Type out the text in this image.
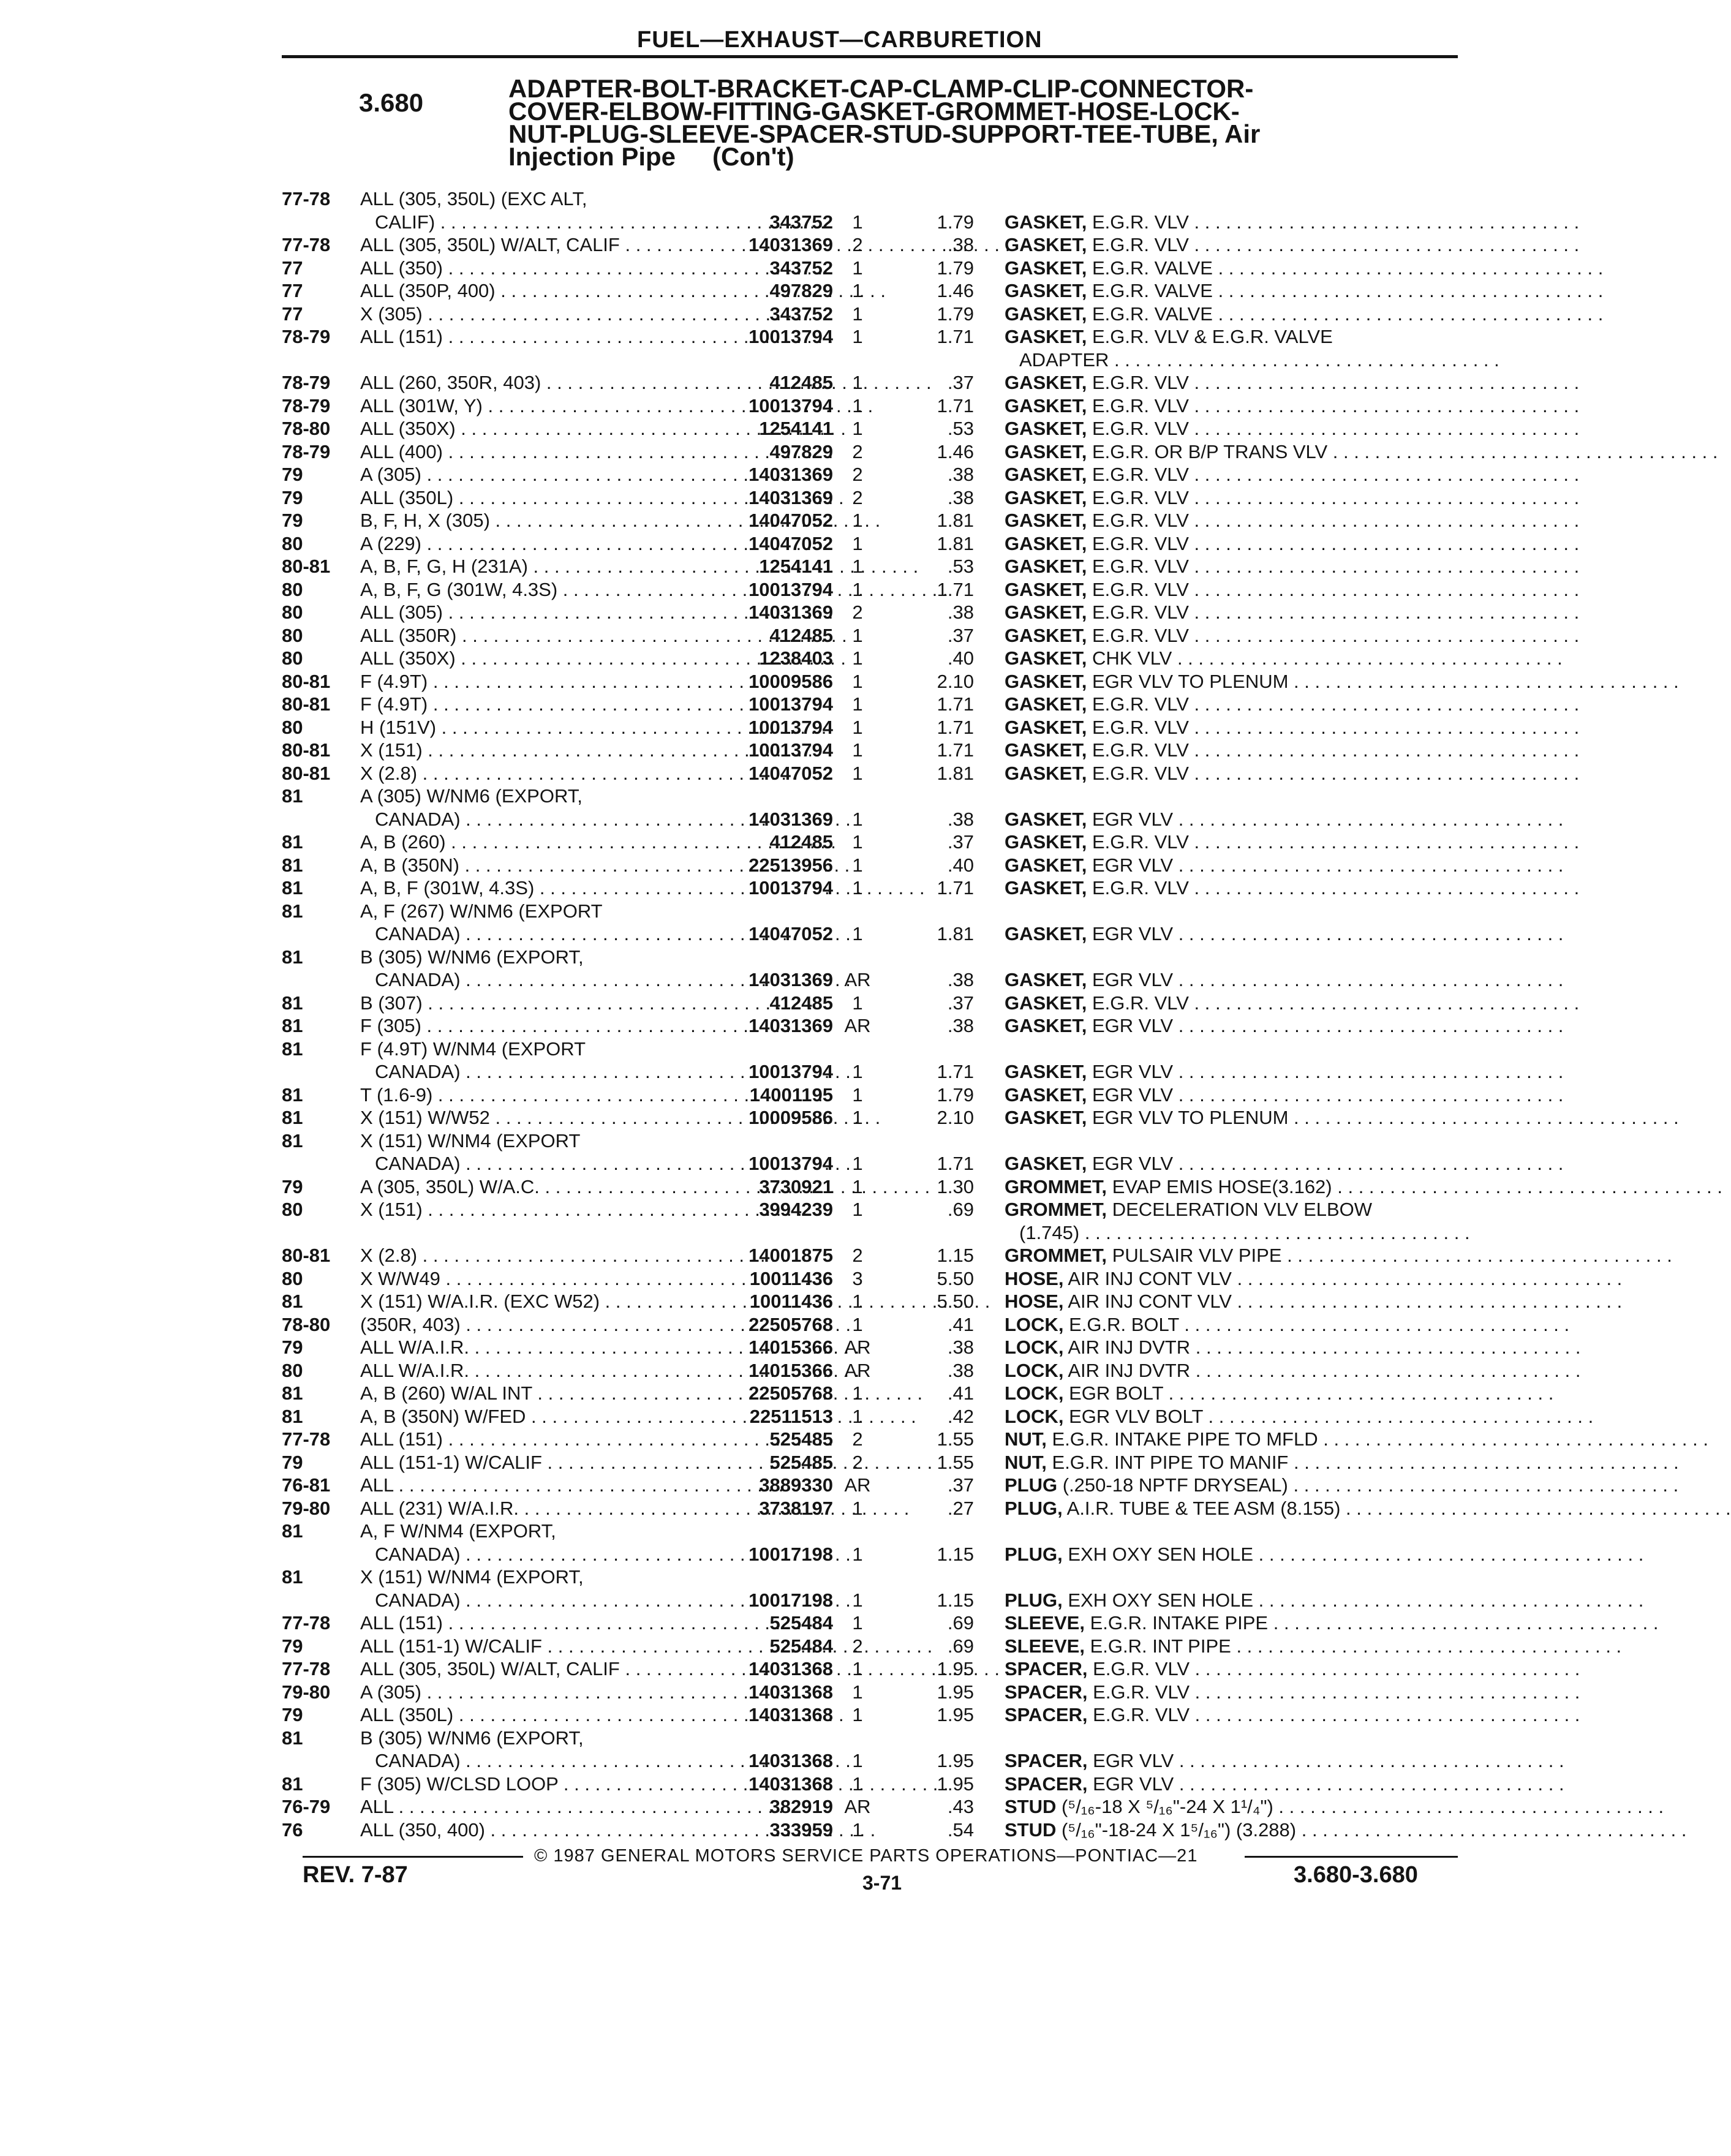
FUEL—EXHAUST—CARBURETION
3.680	ADAPTER-BOLT-BRACKET-CAP-CLAMP-CLIP-CONNECTOR-
COVER-ELBOW-FITTING-GASKET-GROMMET-HOSE-LOCK-
NUT-PLUG-SLEEVE-SPACER-STUD-SUPPORT-TEE-TUBE, Air
Injection Pipe (Con't)
77-78	ALL (305, 350L) (EXC ALT,
CALIF) . . .	343752	1	1.79 GASKET, E.G.R. VLV . . .
77-78	ALL (305, 350L) W/ALT, CALIF . . .	14031369	2	.38 GASKET, E.G.R. VLV . . .
77	ALL (350) . . .	343752	1	1.79 GASKET, E.G.R. VALVE . . .
77	ALL (350P, 400) . . .	497829	1	1.46 GASKET, E.G.R. VALVE . . .
77	X (305) . . .	343752	1	1.79 GASKET, E.G.R. VALVE . . .
78-79	ALL (151) . . .	10013794	1	1.71 GASKET, E.G.R. VLV & E.G.R. VALVE
ADAPTER . . .
78-79	ALL (260, 350R, 403) . . .	412485	1	.37 GASKET, E.G.R. VLV . . .
78-79	ALL (301W, Y) . . .	10013794	1	1.71 GASKET, E.G.R. VLV . . .
78-80	ALL (350X) . . .	1254141	1	.53 GASKET, E.G.R. VLV . . .
78-79	ALL (400) . . .	497829	2	1.46 GASKET, E.G.R. OR B/P TRANS VLV . . .
79	A (305) . . .	14031369	2	.38 GASKET, E.G.R. VLV . . .
79	ALL (350L) . . .	14031369	2	.38 GASKET, E.G.R. VLV . . .
79	B, F, H, X (305) . . .	14047052	1	1.81 GASKET, E.G.R. VLV . . .
80	A (229) . . .	14047052	1	1.81 GASKET, E.G.R. VLV . . .
80-81	A, B, F, G, H (231A) . . .	1254141	1	.53 GASKET, E.G.R. VLV . . .
80	A, B, F, G (301W, 4.3S) . . .	10013794	1	1.71 GASKET, E.G.R. VLV . . .
80	ALL (305) . . .	14031369	2	.38 GASKET, E.G.R. VLV . . .
80	ALL (350R) . . .	412485	1	.37 GASKET, E.G.R. VLV . . .
80	ALL (350X) . . .	1238403	1	.40 GASKET, CHK VLV . . .
80-81	F (4.9T) . . .	10009586	1	2.10 GASKET, EGR VLV TO PLENUM . . .
80-81	F (4.9T) . . .	10013794	1	1.71 GASKET, E.G.R. VLV . . .
80	H (151V) . . .	10013794	1	1.71 GASKET, E.G.R. VLV . . .
80-81	X (151) . . .	10013794	1	1.71 GASKET, E.G.R. VLV . . .
80-81	X (2.8) . . .	14047052	1	1.81 GASKET, E.G.R. VLV . . .
81	A (305) W/NM6 (EXPORT,
CANADA) . . .	14031369	1	.38 GASKET, EGR VLV . . .
81	A, B (260) . . .	412485	1	.37 GASKET, E.G.R. VLV . . .
81	A, B (350N) . . .	22513956	1	.40 GASKET, EGR VLV . . .
81	A, B, F (301W, 4.3S) . . .	10013794	1	1.71 GASKET, E.G.R. VLV . . .
81	A, F (267) W/NM6 (EXPORT
CANADA) . . .	14047052	1	1.81 GASKET, EGR VLV . . .
81	B (305) W/NM6 (EXPORT,
CANADA) . . .	14031369 AR	.38 GASKET, EGR VLV . . .
81	B (307) . . .	412485	1	.37 GASKET, E.G.R. VLV . . .
81	F (305) . . .	14031369 AR	.38 GASKET, EGR VLV . . .
81	F (4.9T) W/NM4 (EXPORT
CANADA) . . .	10013794	1	1.71 GASKET, EGR VLV . . .
81	T (1.6-9) . . .	14001195	1	1.79 GASKET, EGR VLV . . .
81	X (151) W/W52 . . .	10009586	1	2.10 GASKET, EGR VLV TO PLENUM . . .
81	X (151) W/NM4 (EXPORT
CANADA) . . .	10013794	1	1.71 GASKET, EGR VLV . . .
79	A (305, 350L) W/A.C. . . .	3730921	1	1.30 GROMMET, EVAP EMIS HOSE(3.162) . . .
80	X (151) . . .	3994239	1	.69 GROMMET, DECELERATION VLV ELBOW
(1.745) . . .
80-81	X (2.8) . . .	14001875	2	1.15 GROMMET, PULSAIR VLV PIPE . . .
80	X W/W49 . . .	10011436	3	5.50 HOSE, AIR INJ CONT VLV . . .
81	X (151) W/A.I.R. (EXC W52) . . .	10011436	1	5.50 HOSE, AIR INJ CONT VLV . . .
78-80	(350R, 403) . . .	22505768	1	.41 LOCK, E.G.R. BOLT . . .
79	ALL W/A.I.R. . . .	14015366 AR	.38 LOCK, AIR INJ DVTR . . .
80	ALL W/A.I.R. . . .	14015366 AR	.38 LOCK, AIR INJ DVTR . . .
81	A, B (260) W/AL INT . . .	22505768	1	.41 LOCK, EGR BOLT . . .
81	A, B (350N) W/FED . . .	22511513	1	.42 LOCK, EGR VLV BOLT . . .
77-78	ALL (151) . . .	525485	2	1.55 NUT, E.G.R. INTAKE PIPE TO MFLD . . .
79	ALL (151-1) W/CALIF . . .	525485	2	1.55 NUT, E.G.R. INT PIPE TO MANIF . . .
76-81	ALL . . .	3889330 AR	.37 PLUG (.250-18 NPTF DRYSEAL) . . .
79-80	ALL (231) W/A.I.R. . . .	3738197	1	.27 PLUG, A.I.R. TUBE & TEE ASM (8.155) . . .
81	A, F W/NM4 (EXPORT,
CANADA) . . .	10017198	1	1.15 PLUG, EXH OXY SEN HOLE . . .
81	X (151) W/NM4 (EXPORT,
CANADA) . . .	10017198	1	1.15 PLUG, EXH OXY SEN HOLE . . .
77-78	ALL (151) . . .	525484	1	.69 SLEEVE, E.G.R. INTAKE PIPE . . .
79	ALL (151-1) W/CALIF . . .	525484	2	.69 SLEEVE, E.G.R. INT PIPE . . .
77-78	ALL (305, 350L) W/ALT, CALIF . . .	14031368	1	1.95 SPACER, E.G.R. VLV . . .
79-80	A (305) . . .	14031368	1	1.95 SPACER, E.G.R. VLV . . .
79	ALL (350L) . . .	14031368	1	1.95 SPACER, E.G.R. VLV . . .
81	B (305) W/NM6 (EXPORT,
CANADA) . . .	14031368	1	1.95 SPACER, EGR VLV . . .
81	F (305) W/CLSD LOOP . . .	14031368	1	1.95 SPACER, EGR VLV . . .
76-79	ALL . . .	382919 AR	.43 STUD (⁵/₁₆-18 X ⁵/₁₆"-24 X 1¹/₄") . . .
76	ALL (350, 400) . . .	333959	1	.54 STUD (⁵/₁₆"-18-24 X 1⁵/₁₆") (3.288) . . .
© 1987 GENERAL MOTORS SERVICE PARTS OPERATIONS—PONTIAC—21
REV. 7-87	3-71	3.680-3.680
